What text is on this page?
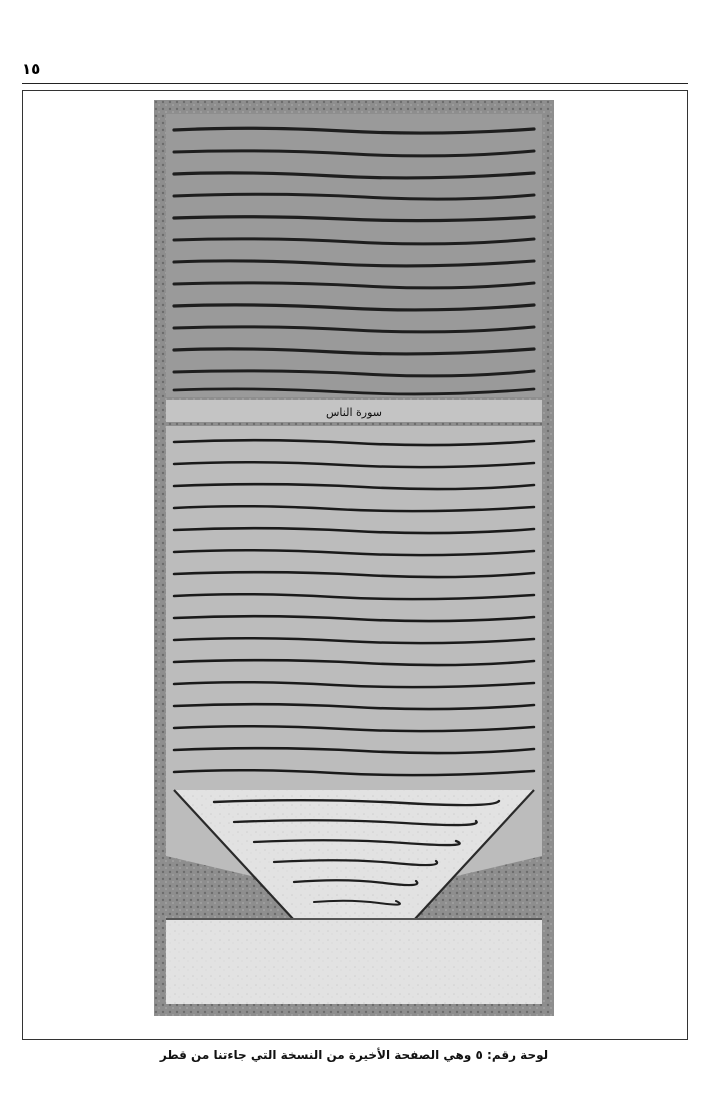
١٥
سورة الناس
لوحة رقم: ٥ وهي الصفحة الأخيرة من النسخة التي جاءتنا من قطر
